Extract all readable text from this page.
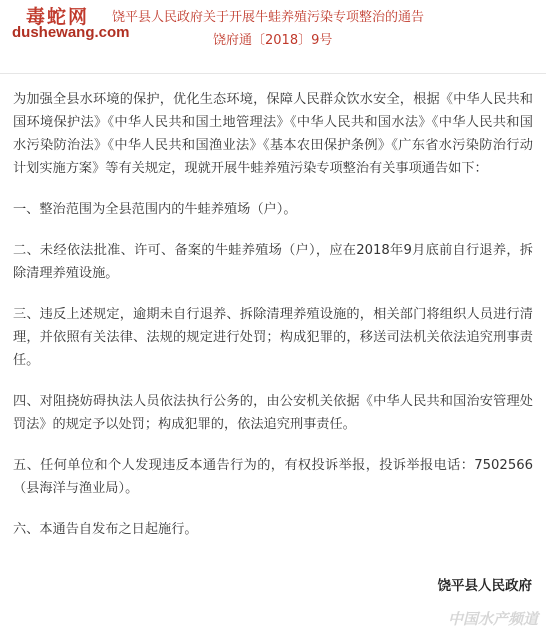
毒蛇网
dushewang.com
饶平县人民政府关于开展牛蛙养殖污染专项整治的通告
饶府通〔2018〕9号

为加强全县水环境的保护，优化生态环境，保障人民群众饮水安全，根据《中华人民共和国环境保护法》《中华人民共和国土地管理法》《中华人民共和国水法》《中华人民共和国水污染防治法》《中华人民共和国渔业法》《基本农田保护条例》《广东省水污染防治行动计划实施方案》等有关规定，现就开展牛蛙养殖污染专项整治有关事项通告如下：

一、整治范围为全县范围内的牛蛙养殖场（户）。

二、未经依法批准、许可、备案的牛蛙养殖场（户），应在2018年9月底前自行退养，拆除清理养殖设施。

三、违反上述规定，逾期未自行退养、拆除清理养殖设施的，相关部门将组织人员进行清理，并依照有关法律、法规的规定进行处罚；构成犯罪的，移送司法机关依法追究刑事责任。

四、对阻挠妨碍执法人员依法执行公务的，由公安机关依据《中华人民共和国治安管理处罚法》的规定予以处罚；构成犯罪的，依法追究刑事责任。

五、任何单位和个人发现违反本通告行为的，有权投诉举报，投诉举报电话：7502566（县海洋与渔业局）。

六、本通告自发布之日起施行。

饶平县人民政府
中国水产频道
